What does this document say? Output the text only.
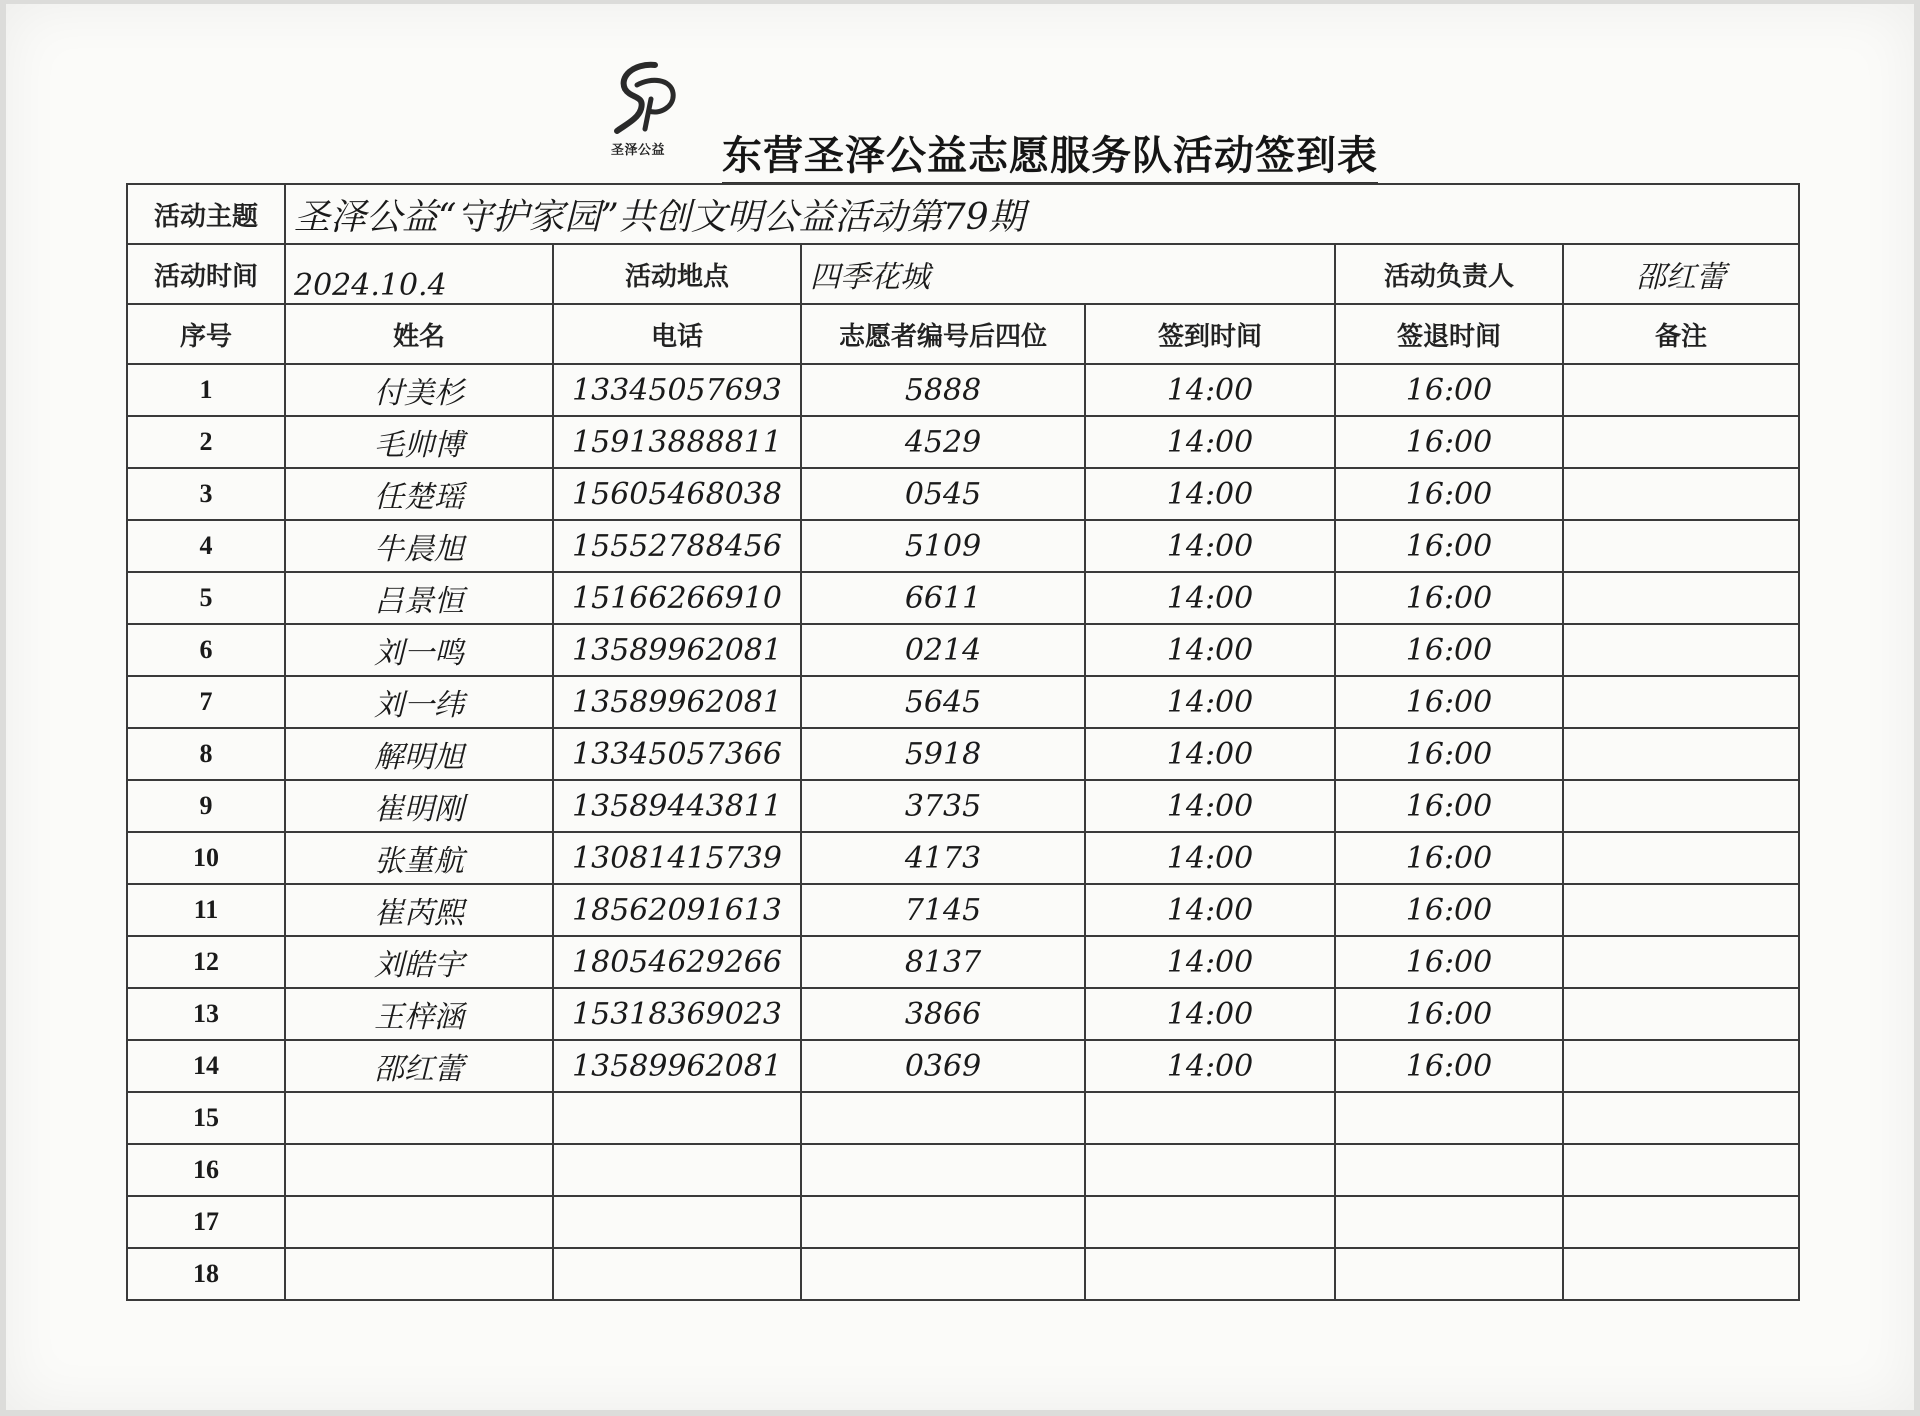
圣泽公益	东营圣泽公益志愿服务队活动签到表
活动主题	圣泽公益“守护家园”共创文明公益活动第79期					
活动时间	2024.10.4	活动地点	四季花城		活动负责人	邵红蕾
序号	姓名	电话	志愿者编号后四位	签到时间	签退时间	备注
1	付美杉	13345057693	5888	14:00	16:00	
2	毛帅博	15913888811	4529	14:00	16:00	
3	任楚瑶	15605468038	0545	14:00	16:00	
4	牛晨旭	15552788456	5109	14:00	16:00	
5	吕景恒	15166266910	6611	14:00	16:00	
6	刘一鸣	13589962081	0214	14:00	16:00	
7	刘一纬	13589962081	5645	14:00	16:00	
8	解明旭	13345057366	5918	14:00	16:00	
9	崔明刚	13589443811	3735	14:00	16:00	
10	张堇航	13081415739	4173	14:00	16:00	
11	崔芮熙	18562091613	7145	14:00	16:00	
12	刘皓宇	18054629266	8137	14:00	16:00	
13	王梓涵	15318369023	3866	14:00	16:00	
14	邵红蕾	13589962081	0369	14:00	16:00	
15						
16						
17						
18						
